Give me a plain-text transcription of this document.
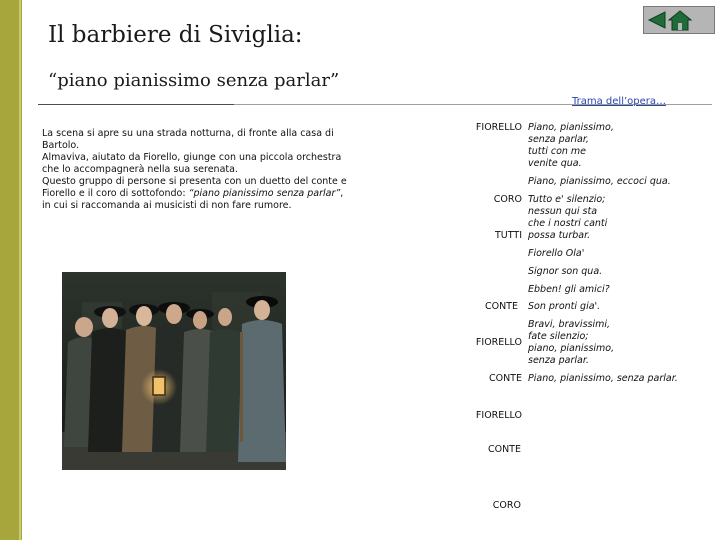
Il barbiere di Siviglia:
“piano pianissimo senza parlar”
Trama dell’opera…

La scena si apre su una strada notturna, di fronte alla casa di Bartolo.

Almaviva, aiutato da Fiorello, giunge con una piccola orchestra che lo accompagnerà nella sua serenata.

Questo gruppo di persone si presenta con un duetto del conte e Fiorello e il coro di sottofondo: “piano pianissimo senza parlar”, in cui si raccomanda ai musicisti di non fare rumore.

FIORELLO Piano, pianissimo,
senza parlar,
tutti con me
venite qua.
Piano, pianissimo, eccoci qua.
CORO Tutto e' silenzio;
nessun qui sta
che i nostri canti
TUTTI possa turbar.
Fiorello Ola'
Signor son qua.
Ebben! gli amici?
CONTE Son pronti gia'.
Bravi, bravissimi,
FIORELLO
fate silenzio;
piano, pianissimo,
senza parlar.
CONTE Piano, pianissimo, senza parlar.
FIORELLO
CONTE
CORO
